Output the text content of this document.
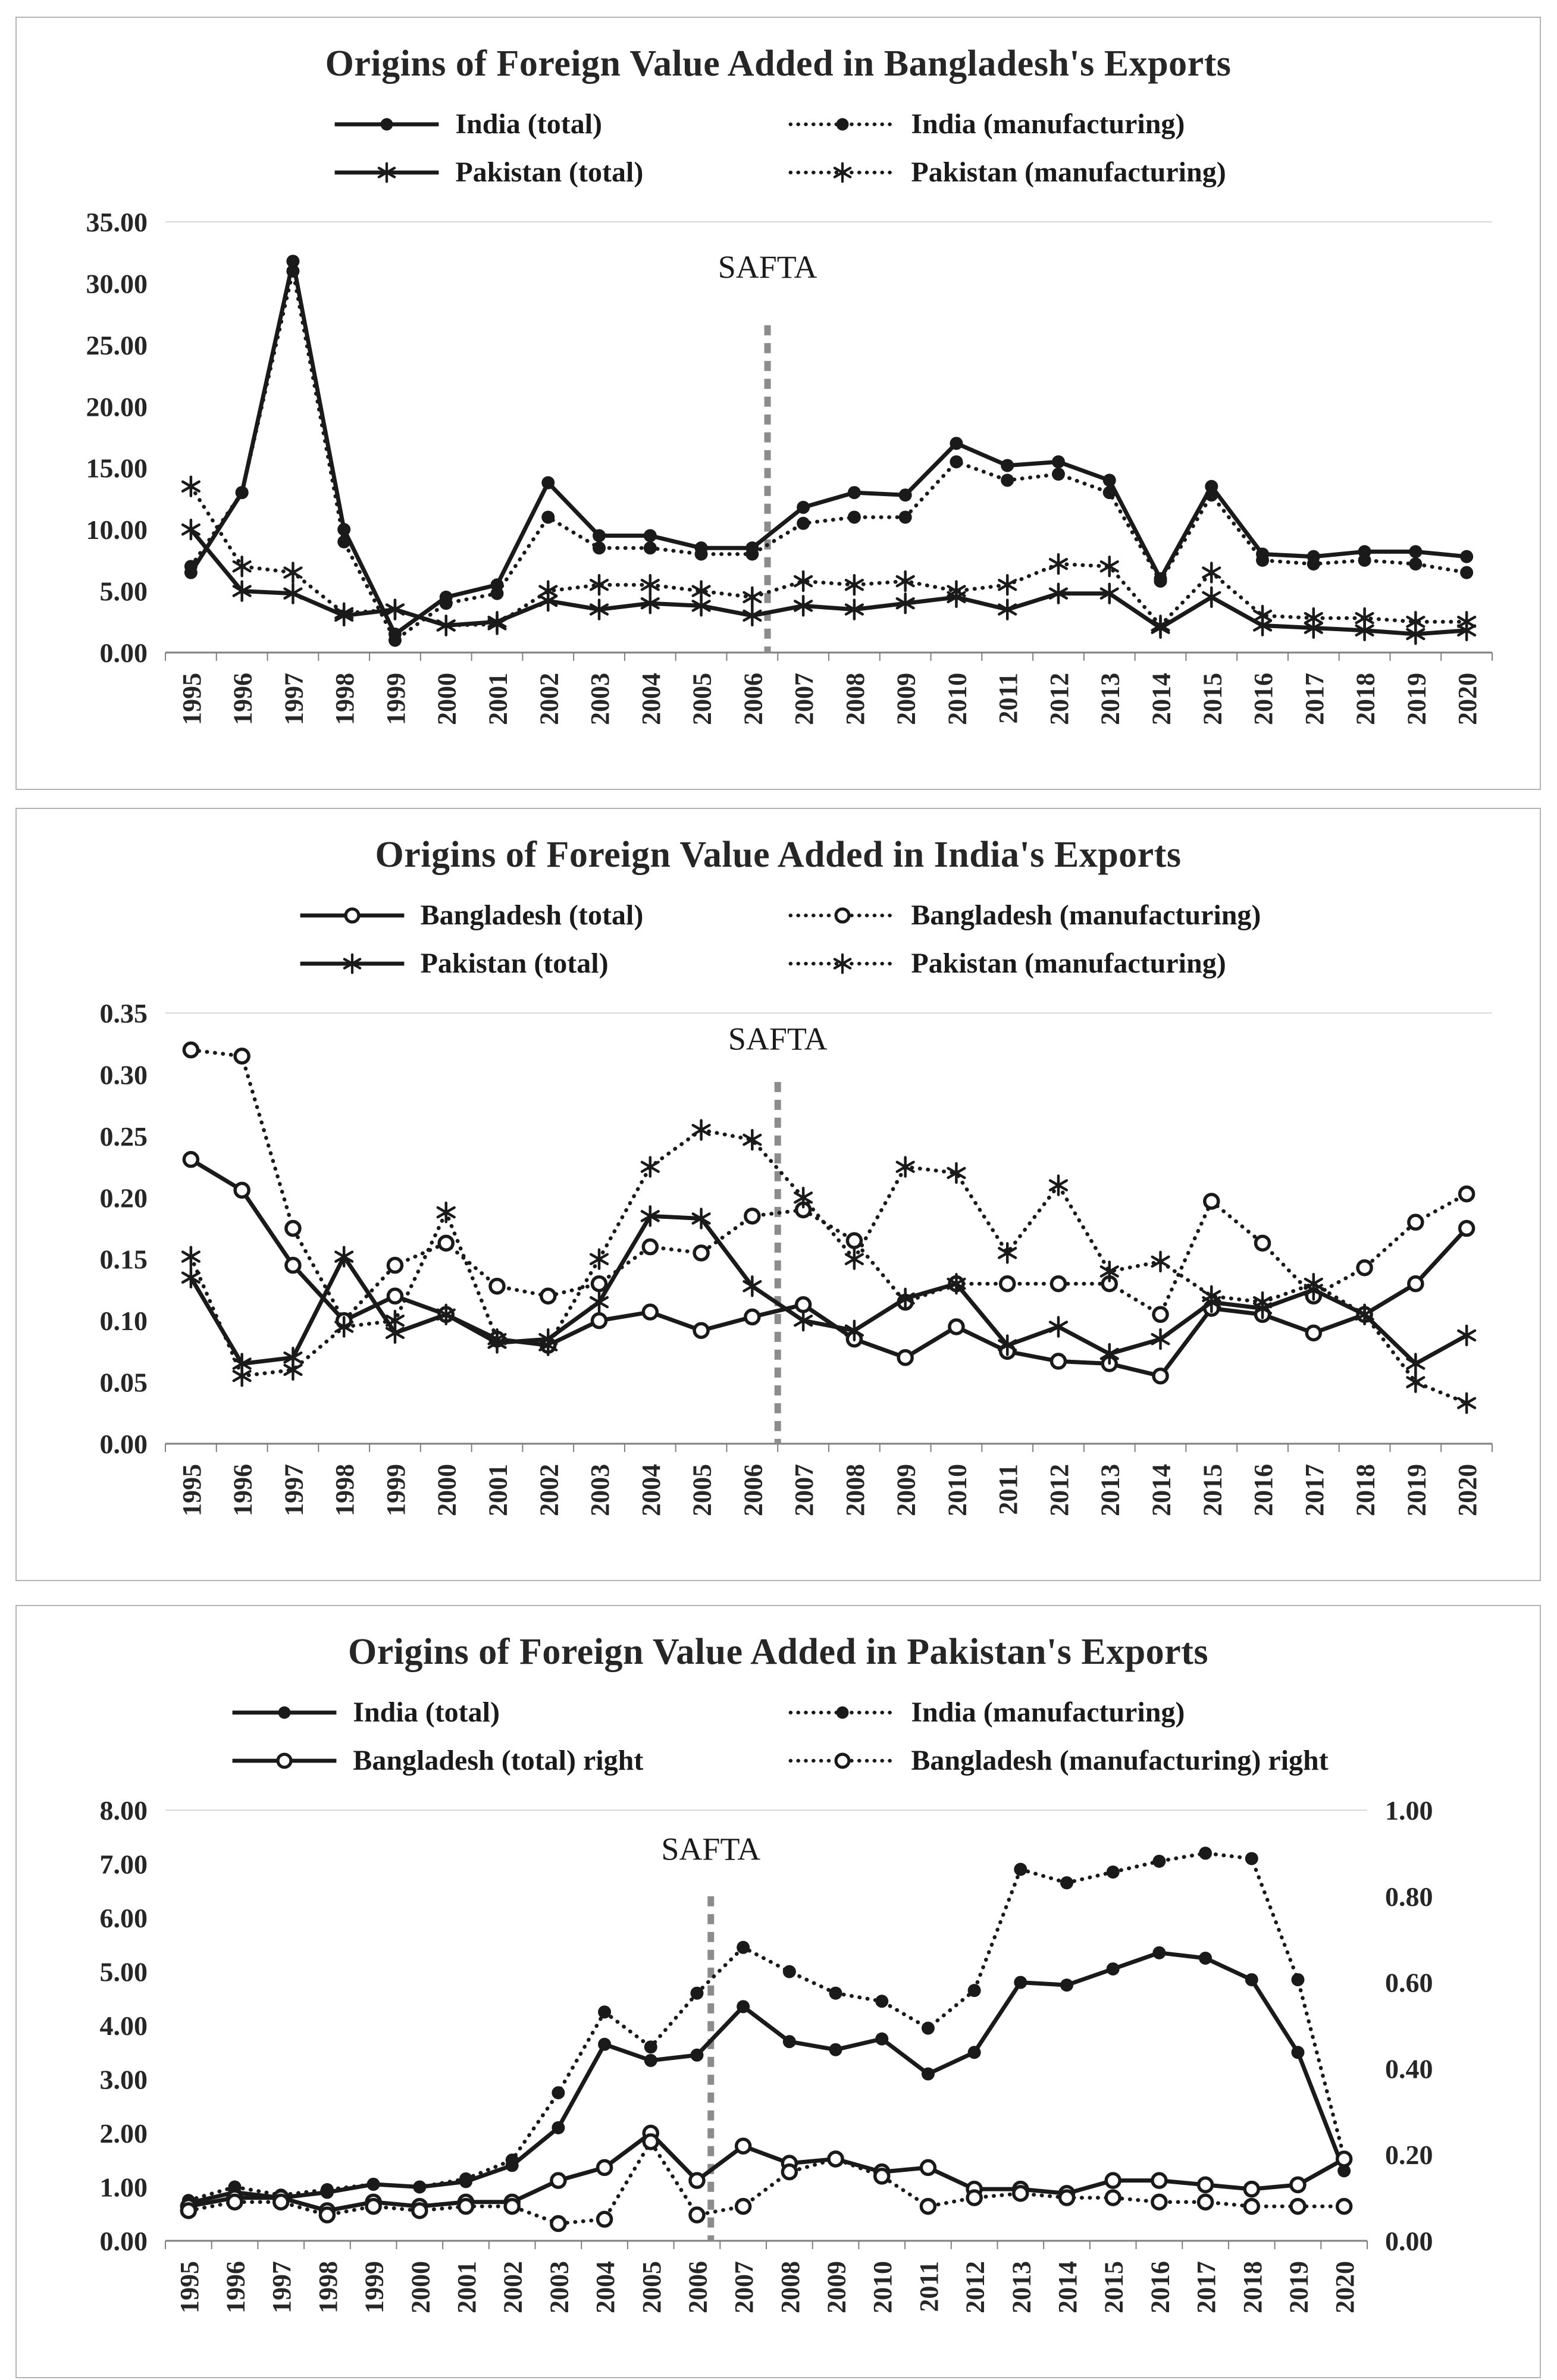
Origins of Foreign Value Added in Bangladesh's Exports
India (total)	India (manufacturing)
Pakistan (total)	Pakistan (manufacturing)
0.00
5.00
10.00
15.00
20.00
25.00
30.00
35.00
1995 1996 1997 1998 1999 2000 2001 2002 2003 2004 2005 2006 2007 2008 2009 2010 2011 2012 2013 2014 2015 2016 2017 2018 2019 2020
SAFTA
Origins of Foreign Value Added in India's Exports
Bangladesh (total)	Bangladesh (manufacturing)
Pakistan (total)	Pakistan (manufacturing)
0.00
0.05
0.10
0.15
0.20
0.25
0.30
0.35
1995 1996 1997 1998 1999 2000 2001 2002 2003 2004 2005 2006 2007 2008 2009 2010 2011 2012 2013 2014 2015 2016 2017 2018 2019 2020
SAFTA
Origins of Foreign Value Added in Pakistan's Exports
India (total)	India (manufacturing)
Bangladesh (total) right	Bangladesh (manufacturing) right
0.00
1.00
2.00
3.00
4.00
5.00
6.00
7.00
8.00
0.00
0.20
0.40
0.60
0.80
1.00
1995 1996 1997 1998 1999 2000 2001 2002 2003 2004 2005 2006 2007 2008 2009 2010 2011 2012 2013 2014 2015 2016 2017 2018 2019 2020
SAFTA
